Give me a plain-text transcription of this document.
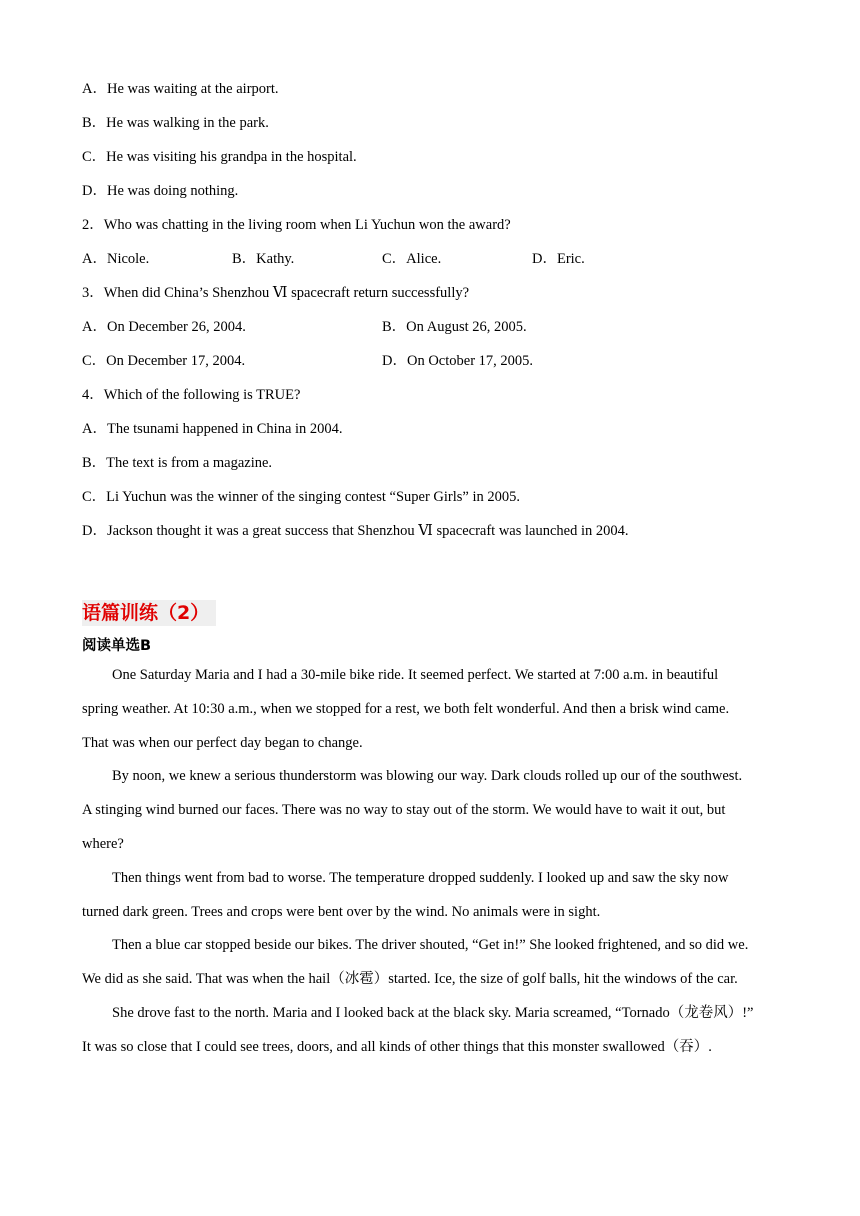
A．He was waiting at the airport.
B．He was walking in the park.
C．He was visiting his grandpa in the hospital.
D．He was doing nothing.
2．Who was chatting in the living room when Li Yuchun won the award?
A．Nicole.	B．Kathy.	C．Alice.	D．Eric.
3．When did China’s Shenzhou Ⅵ spacecraft return successfully?
A．On December 26, 2004.	B．On August 26, 2005.
C．On December 17, 2004.	D．On October 17, 2005.
4．Which of the following is TRUE?
A．The tsunami happened in China in 2004.
B．The text is from a magazine.
C．Li Yuchun was the winner of the singing contest “Super Girls” in 2005.
D．Jackson thought it was a great success that Shenzhou Ⅵ spacecraft was launched in 2004.
语篇训练（2）
阅读单选B
One Saturday Maria and I had a 30-mile bike ride. It seemed perfect. We started at 7:00 a.m. in beautiful
spring weather. At 10:30 a.m., when we stopped for a rest, we both felt wonderful. And then a brisk wind came.
That was when our perfect day began to change.
By noon, we knew a serious thunderstorm was blowing our way. Dark clouds rolled up our of the southwest.
A stinging wind burned our faces. There was no way to stay out of the storm. We would have to wait it out, but
where?
Then things went from bad to worse. The temperature dropped suddenly. I looked up and saw the sky now
turned dark green. Trees and crops were bent over by the wind. No animals were in sight.
Then a blue car stopped beside our bikes. The driver shouted, “Get in!” She looked frightened, and so did we.
We did as she said. That was when the hail（冰雹）started. Ice, the size of golf balls, hit the windows of the car.
She drove fast to the north. Maria and I looked back at the black sky. Maria screamed, “Tornado（龙卷风）!”
It was so close that I could see trees, doors, and all kinds of other things that this monster swallowed（吞）.
